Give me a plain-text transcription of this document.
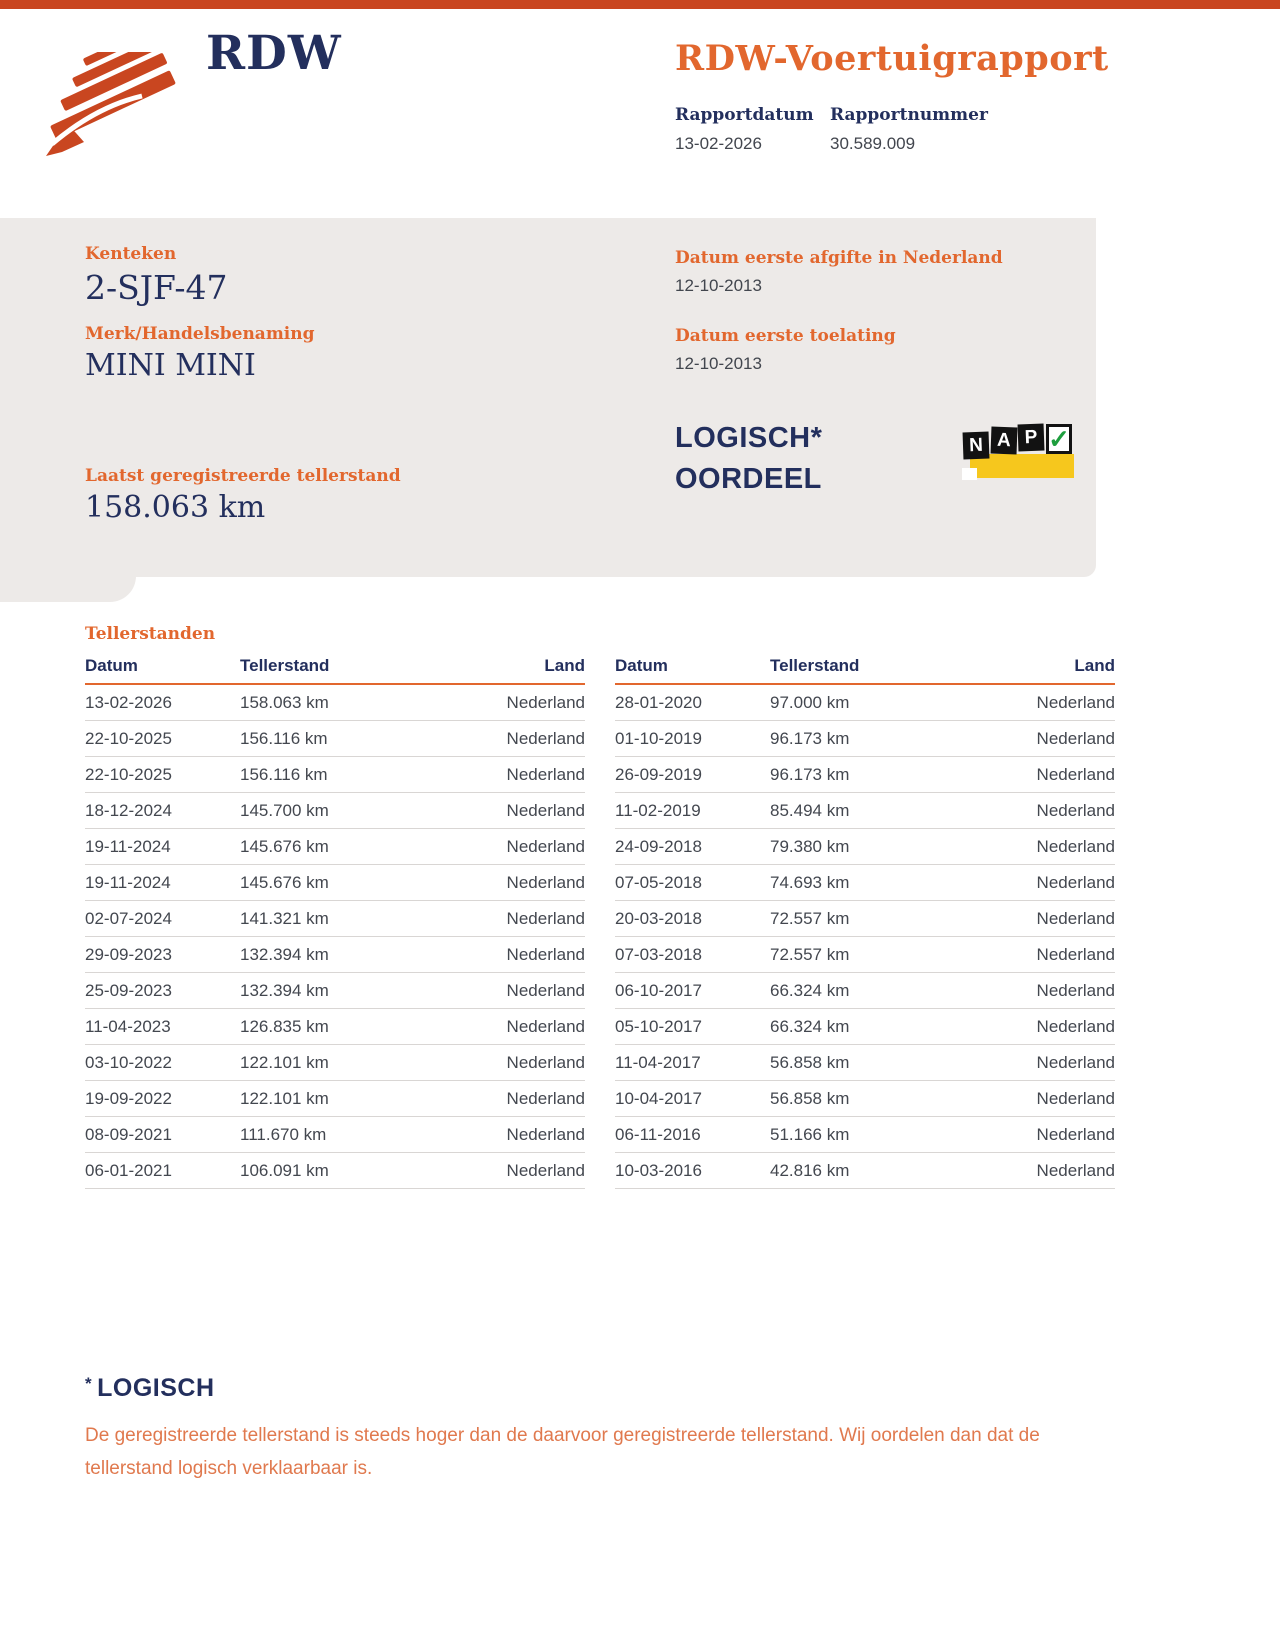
RDW	RDW-Voertuigrapport
Rapportdatum
13-02-2026
Rapportnummer
30.589.009
Kenteken
2-SJF-47
Merk/Handelsbenaming
MINI MINI
Laatst geregistreerde tellerstand
158.063 km
Datum eerste afgifte in Nederland
12-10-2013
Datum eerste toelating
12-10-2013
LOGISCH*
OORDEEL
N A P ✓
Tellerstanden
Datum	Tellerstand	Land
13-02-2026	158.063 km	Nederland
22-10-2025	156.116 km	Nederland
22-10-2025	156.116 km	Nederland
18-12-2024	145.700 km	Nederland
19-11-2024	145.676 km	Nederland
19-11-2024	145.676 km	Nederland
02-07-2024	141.321 km	Nederland
29-09-2023	132.394 km	Nederland
25-09-2023	132.394 km	Nederland
11-04-2023	126.835 km	Nederland
03-10-2022	122.101 km	Nederland
19-09-2022	122.101 km	Nederland
08-09-2021	111.670 km	Nederland
06-01-2021	106.091 km	Nederland
Datum	Tellerstand	Land
28-01-2020	97.000 km	Nederland
01-10-2019	96.173 km	Nederland
26-09-2019	96.173 km	Nederland
11-02-2019	85.494 km	Nederland
24-09-2018	79.380 km	Nederland
07-05-2018	74.693 km	Nederland
20-03-2018	72.557 km	Nederland
07-03-2018	72.557 km	Nederland
06-10-2017	66.324 km	Nederland
05-10-2017	66.324 km	Nederland
11-04-2017	56.858 km	Nederland
10-04-2017	56.858 km	Nederland
06-11-2016	51.166 km	Nederland
10-03-2016	42.816 km	Nederland
* LOGISCH
De geregistreerde tellerstand is steeds hoger dan de daarvoor geregistreerde tellerstand. Wij oordelen dan dat de tellerstand logisch verklaarbaar is.
